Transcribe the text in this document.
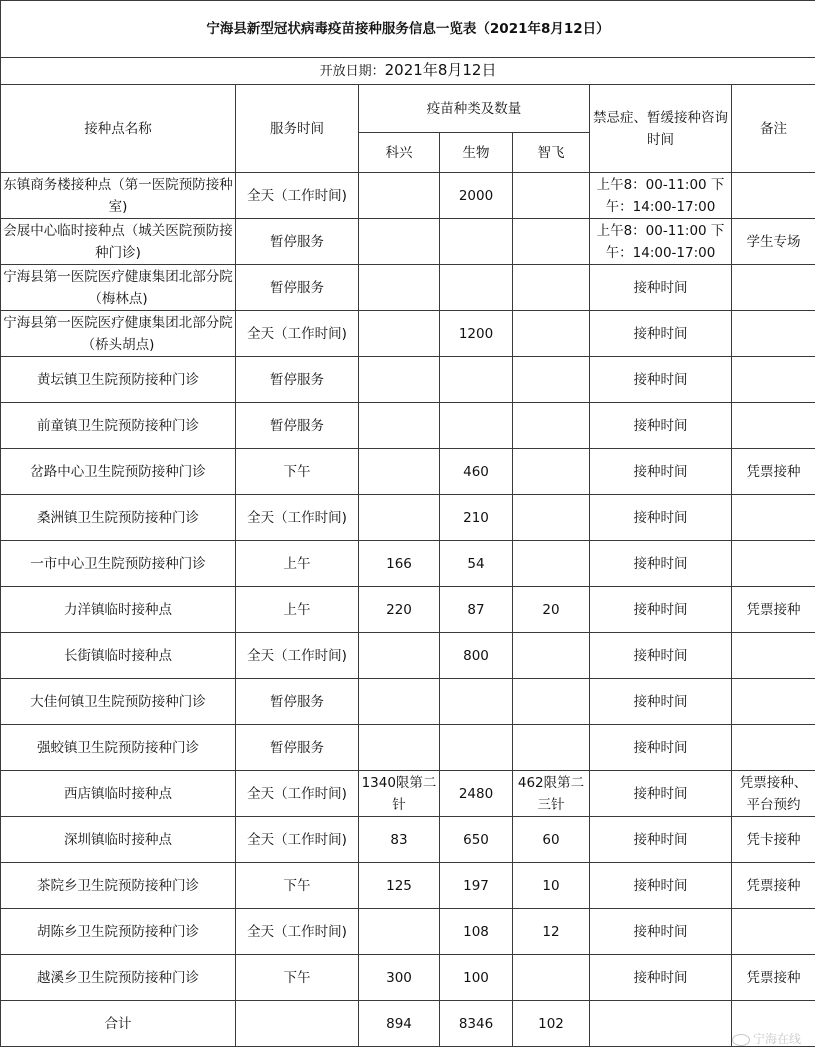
宁海县新型冠状病毒疫苗接种服务信息一览表（2021年8月12日）						
开放日期：2021年8月12日						
接种点名称	服务时间	疫苗种类及数量			禁忌症、暂缓接种咨询时间	备注
		科兴	生物	智飞		
东镇商务楼接种点（第一医院预防接种室)	全天（工作时间)		2000		上午8：00-11:00 下午：14:00-17:00	
会展中心临时接种点（城关医院预防接种门诊)	暂停服务				上午8：00-11:00 下午：14:00-17:00	学生专场
宁海县第一医院医疗健康集团北部分院（梅林点)	暂停服务				接种时间	
宁海县第一医院医疗健康集团北部分院（桥头胡点)	全天（工作时间)		1200		接种时间	
黄坛镇卫生院预防接种门诊	暂停服务				接种时间	
前童镇卫生院预防接种门诊	暂停服务				接种时间	
岔路中心卫生院预防接种门诊	下午		460		接种时间	凭票接种
桑洲镇卫生院预防接种门诊	全天（工作时间)		210		接种时间	
一市中心卫生院预防接种门诊	上午	166	54		接种时间	
力洋镇临时接种点	上午	220	87	20	接种时间	凭票接种
长街镇临时接种点	全天（工作时间)		800		接种时间	
大佳何镇卫生院预防接种门诊	暂停服务				接种时间	
强蛟镇卫生院预防接种门诊	暂停服务				接种时间	
西店镇临时接种点	全天（工作时间)	1340限第二针	2480	462限第二三针	接种时间	凭票接种、平台预约
深圳镇临时接种点	全天（工作时间)	83	650	60	接种时间	凭卡接种
茶院乡卫生院预防接种门诊	下午	125	197	10	接种时间	凭票接种
胡陈乡卫生院预防接种门诊	全天（工作时间)		108	12	接种时间	
越溪乡卫生院预防接种门诊	下午	300	100		接种时间	凭票接种
合计		894	8346	102		
宁海在线
